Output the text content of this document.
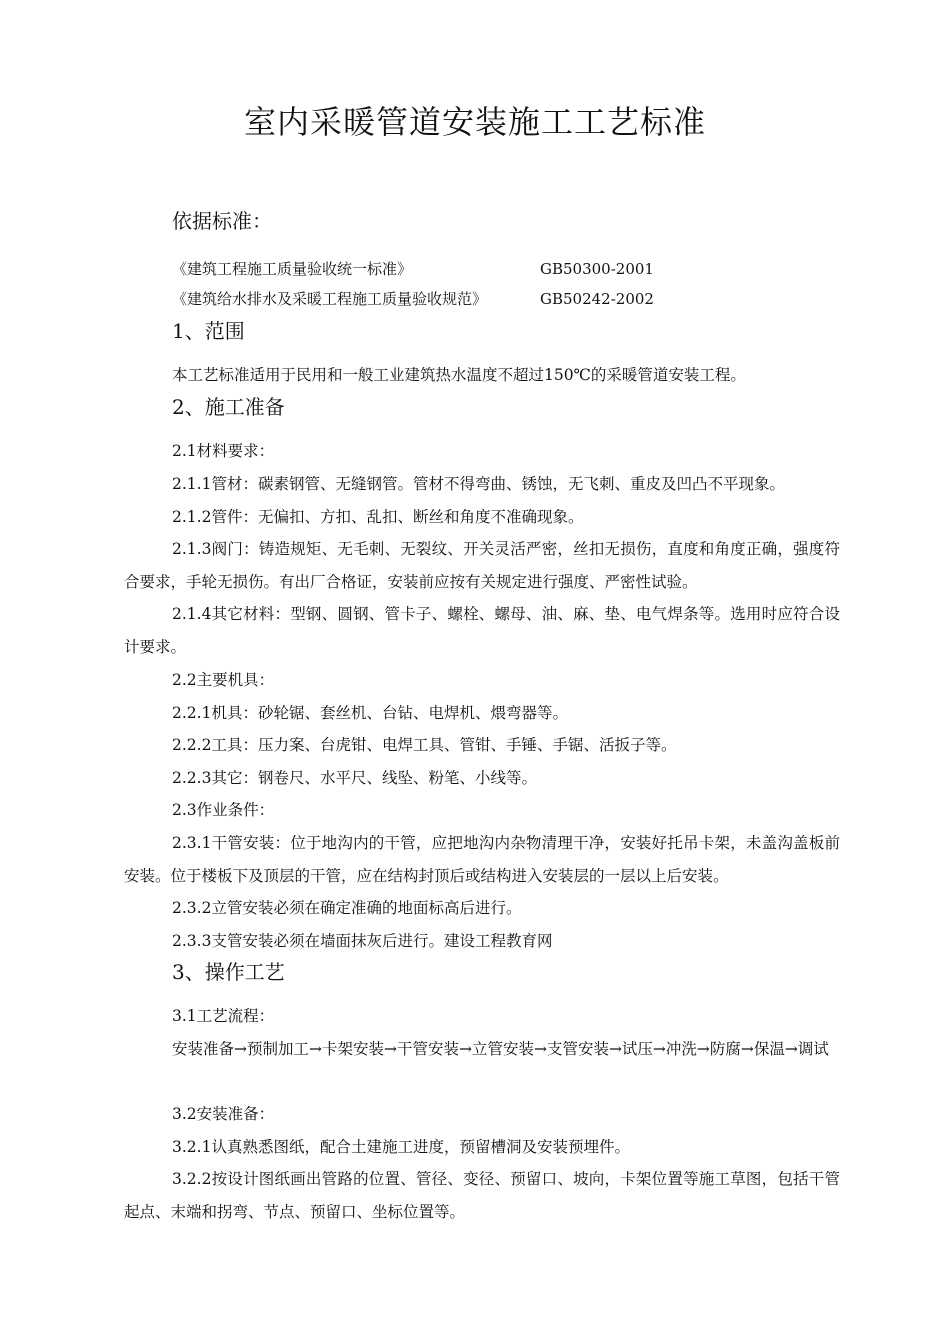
室内采暖管道安装施工工艺标准
依据标准：
《建筑工程施工质量验收统一标准》	GB50300-2001
《建筑给水排水及采暖工程施工质量验收规范》	GB50242-2002
1、范围
本工艺标准适用于民用和一般工业建筑热水温度不超过150℃的采暖管道安装工程。
2、施工准备
2.1材料要求：
2.1.1管材：碳素钢管、无缝钢管。管材不得弯曲、锈蚀，无飞刺、重皮及凹凸不平现象。
2.1.2管件：无偏扣、方扣、乱扣、断丝和角度不准确现象。
2.1.3阀门：铸造规矩、无毛刺、无裂纹、开关灵活严密，丝扣无损伤，直度和角度正确，强度符合要求，手轮无损伤。有出厂合格证，安装前应按有关规定进行强度、严密性试验。
2.1.4其它材料：型钢、圆钢、管卡子、螺栓、螺母、油、麻、垫、电气焊条等。选用时应符合设计要求。
2.2主要机具：
2.2.1机具：砂轮锯、套丝机、台钻、电焊机、煨弯器等。
2.2.2工具：压力案、台虎钳、电焊工具、管钳、手锤、手锯、活扳子等。
2.2.3其它：钢卷尺、水平尺、线坠、粉笔、小线等。
2.3作业条件：
2.3.1干管安装：位于地沟内的干管，应把地沟内杂物清理干净，安装好托吊卡架，未盖沟盖板前安装。位于楼板下及顶层的干管，应在结构封顶后或结构进入安装层的一层以上后安装。
2.3.2立管安装必须在确定准确的地面标高后进行。
2.3.3支管安装必须在墙面抹灰后进行。建设工程教育网
3、操作工艺
3.1工艺流程：
安装准备→预制加工→卡架安装→干管安装→立管安装→支管安装→试压→冲洗→防腐→保温→调试
3.2安装准备：
3.2.1认真熟悉图纸，配合土建施工进度，预留槽洞及安装预埋件。
3.2.2按设计图纸画出管路的位置、管径、变径、预留口、坡向，卡架位置等施工草图，包括干管起点、末端和拐弯、节点、预留口、坐标位置等。
